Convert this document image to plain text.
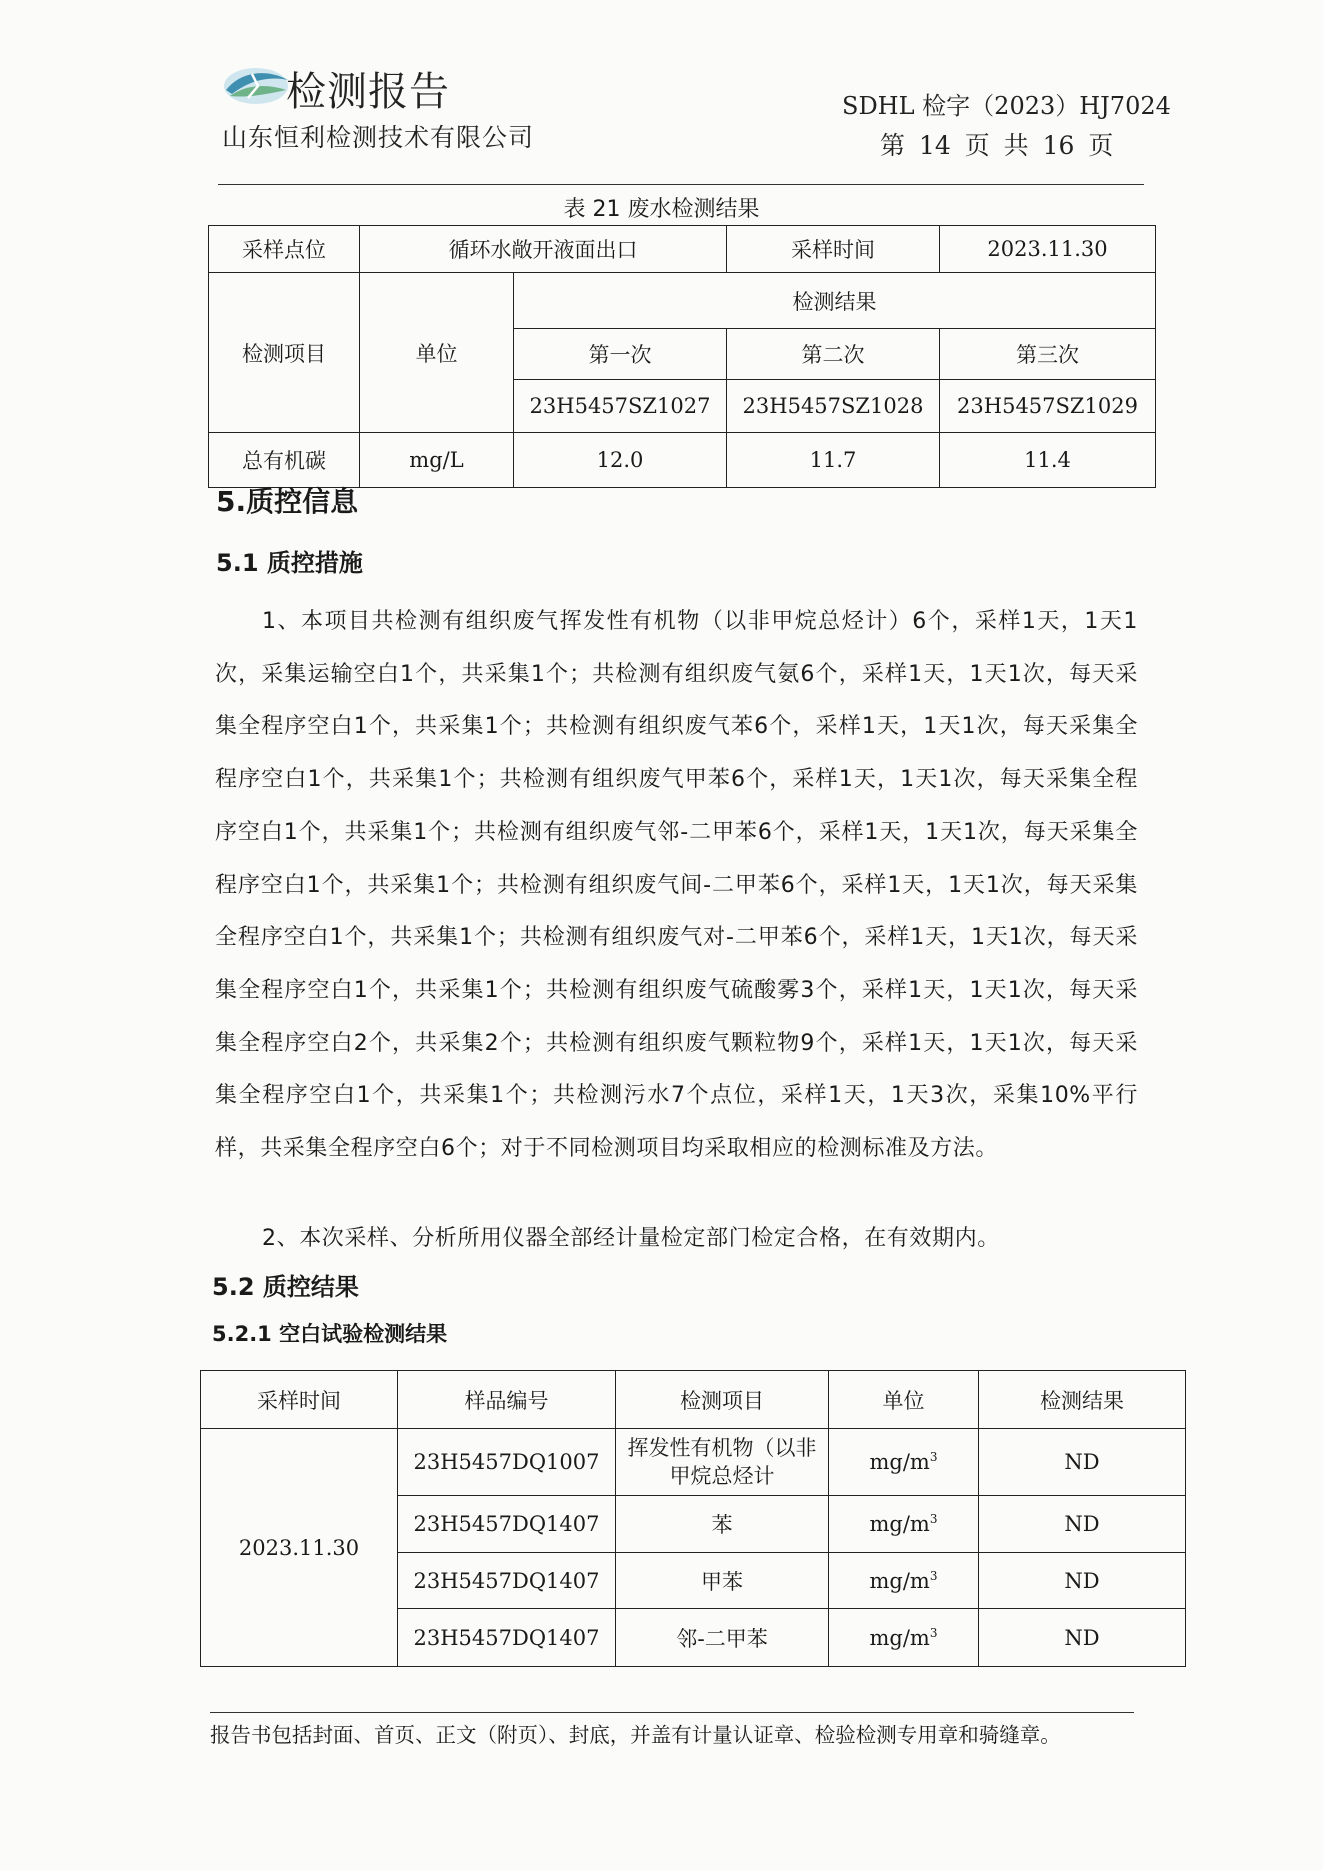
检测报告
山东恒利检测技术有限公司
SDHL 检字（2023）HJ7024
第 14 页 共 16 页
表 21 废水检测结果
采样点位	循环水敞开液面出口		采样时间	2023.11.30
检测项目	单位	检测结果		
		第一次	第二次	第三次
		23H5457SZ1027	23H5457SZ1028	23H5457SZ1029
总有机碳	mg/L	12.0	11.7	11.4
5.质控信息
5.1 质控措施
1、本项目共检测有组织废气挥发性有机物（以非甲烷总烃计）6个，采样1天，1天1次，采集运输空白1个，共采集1个；共检测有组织废气氨6个，采样1天，1天1次，每天采集全程序空白1个，共采集1个；共检测有组织废气苯6个，采样1天，1天1次，每天采集全程序空白1个，共采集1个；共检测有组织废气甲苯6个，采样1天，1天1次，每天采集全程序空白1个，共采集1个；共检测有组织废气邻-二甲苯6个，采样1天，1天1次，每天采集全程序空白1个，共采集1个；共检测有组织废气间-二甲苯6个，采样1天，1天1次，每天采集全程序空白1个，共采集1个；共检测有组织废气对-二甲苯6个，采样1天，1天1次，每天采集全程序空白1个，共采集1个；共检测有组织废气硫酸雾3个，采样1天，1天1次，每天采集全程序空白2个，共采集2个；共检测有组织废气颗粒物9个，采样1天，1天1次，每天采集全程序空白1个，共采集1个；共检测污水7个点位，采样1天，1天3次，采集10%平行样，共采集全程序空白6个；对于不同检测项目均采取相应的检测标准及方法。
2、本次采样、分析所用仪器全部经计量检定部门检定合格，在有效期内。
5.2 质控结果
5.2.1 空白试验检测结果
采样时间	样品编号	检测项目	单位	检测结果
2023.11.30	23H5457DQ1007	挥发性有机物（以非甲烷总烃计	$mg/m^3$	ND
	23H5457DQ1407	苯	$mg/m^3$	ND
	23H5457DQ1407	甲苯	$mg/m^3$	ND
	23H5457DQ1407	邻-二甲苯	$mg/m^3$	ND
报告书包括封面、首页、正文（附页）、封底，并盖有计量认证章、检验检测专用章和骑缝章。
